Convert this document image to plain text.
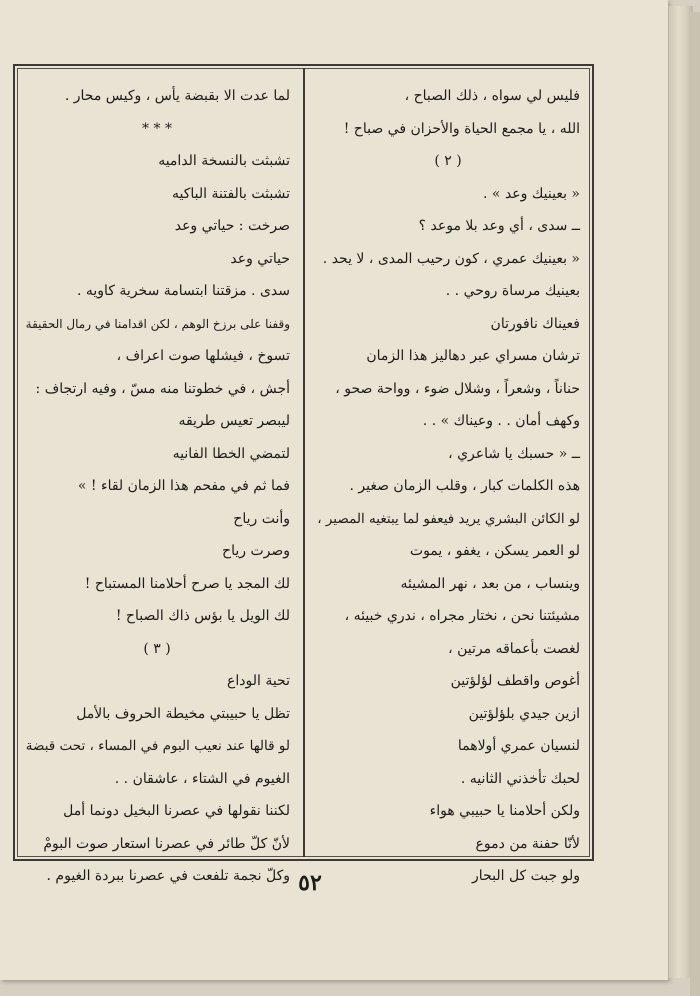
فليس لي سواه ، ذلك الصباح ،
الله ، يا مجمع الحياة والأحزان في صباح !
( ٢ )
« بعينيك وعد » .
ــ سدى ، أي وعد بلا موعد ؟
« بعينيك عمري ، كون رحيب المدى ، لا يحد .
بعينيك مرساة روحي . .
فعيناك نافورتان
ترشان مسراي عبر دهاليز هذا الزمان
حناناً ، وشعراً ، وشلال ضوء ، وواحة صحو ،
وكهف أمان . . وعيناك » . .
ــ « حسبك يا شاعري ،
هذه الكلمات كبار ، وقلب الزمان صغير .
لو الكائن البشري يريد فيعفو لما يبتغيه المصير ،
لو العمر يسكن ، يغفو ، يموت
وينساب ، من بعد ، نهر المشيئه
مشيئتنا نحن ، نختار مجراه ، ندري خبيئه ،
لغصت بأعماقه مرتين ،
أغوص واقطف لؤلؤتين
ازين جيدي بلؤلؤتين
لنسيان عمري أولاهما
لحبك تأخذني الثانيه .
ولكن أحلامنا يا حبيبي هواء
لأنّا حفنة من دموع
ولو جبت كل البحار
لما عدت الا بقبضة يأس ، وكيس محار .
* * *
تشبثت بالنسخة الداميه
تشبثت بالفتنة الباكيه
صرخت : حياتي وعد
حياتي وعد
سدى . مزقتنا ابتسامة سخرية كاويه .
وقفنا على برزخ الوهم ، لكن اقدامنا في رمال الحقيقة
تسوخ ، فيشلها صوت اعراف ،
أجش ، في خطوتنا منه مسّ ، وفيه ارتجاف :
ليبصر تعيس طريقه
لتمضي الخطا الفانيه
فما ثم في مفحم هذا الزمان لقاء ! »
وأنت رياح
وصرت رياح
لك المجد يا صرح أحلامنا المستباح !
لك الويل يا بؤس ذاك الصباح !
( ٣ )
تحية الوداع
تظل يا حبيبتي مخيطة الحروف بالأمل
لو قالها عند نعيب البوم في المساء ، تحت قبضة
الغيوم في الشتاء ، عاشقان . .
لكننا نقولها في عصرنا البخيل دونما أمل
لأنّ كلّ طائر في عصرنا استعار صوت البومْ
وكلّ نجمة تلفعت في عصرنا ببردة الغيوم . ٥٢
